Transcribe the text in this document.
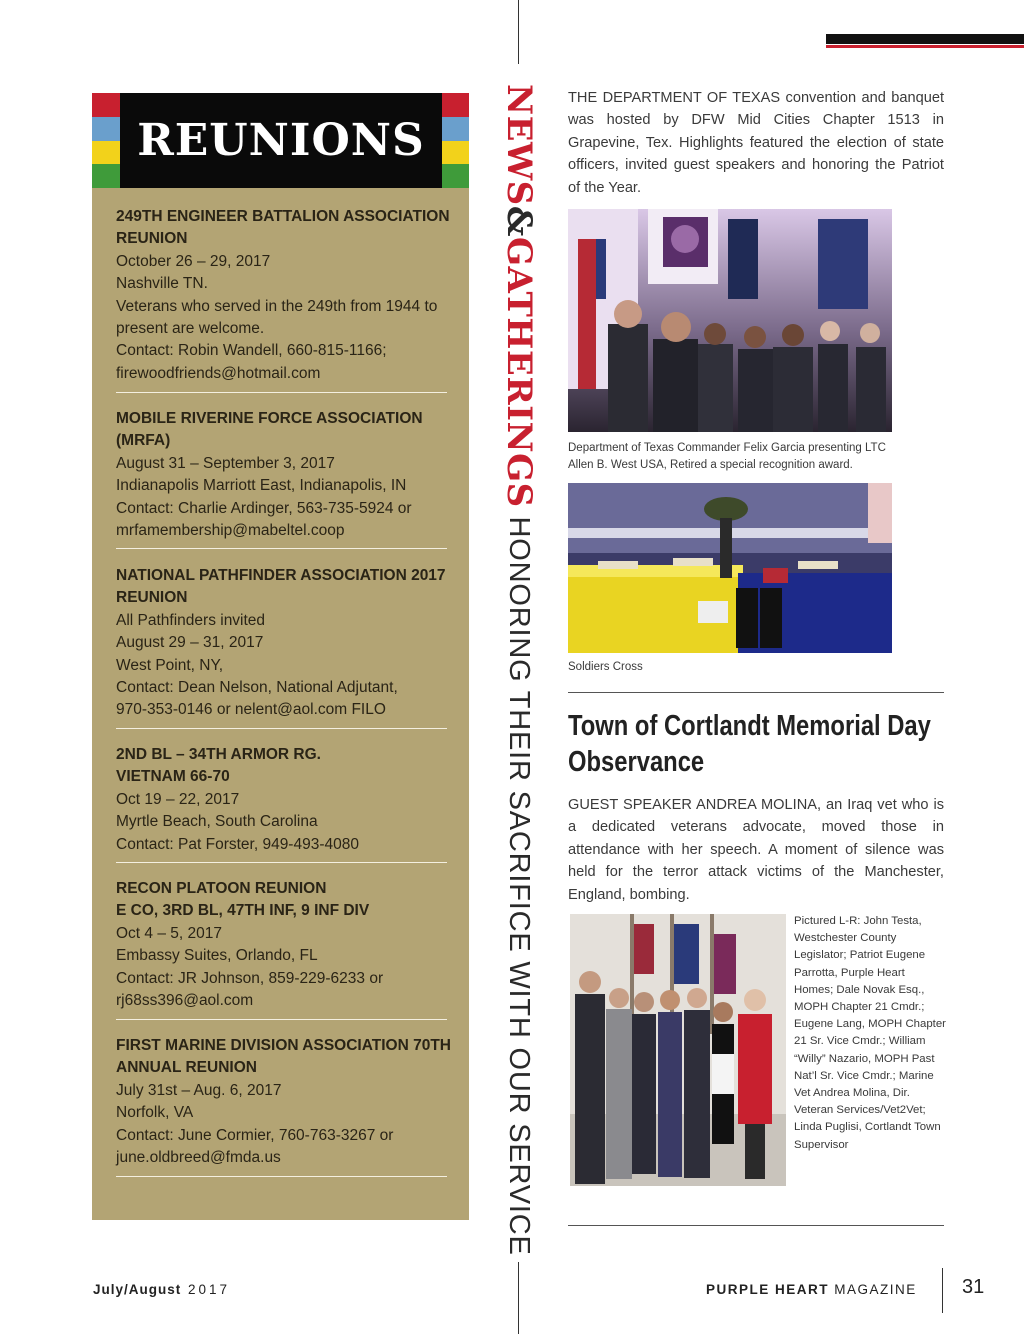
REUNIONS
249TH ENGINEER BATTALION ASSOCIATION
REUNION
October 26 – 29, 2017
Nashville TN.
Veterans who served in the 249th from 1944 to
present are welcome.
Contact: Robin Wandell, 660-815-1166;
firewoodfriends@hotmail.com
MOBILE RIVERINE FORCE ASSOCIATION
(MRFA)
August 31 – September 3, 2017
Indianapolis Marriott East, Indianapolis, IN
Contact: Charlie Ardinger, 563-735-5924 or
mrfamembership@mabeltel.coop
NATIONAL PATHFINDER ASSOCIATION 2017
REUNION
All Pathfinders invited
August 29 – 31, 2017
West Point, NY,
Contact: Dean Nelson, National Adjutant,
970-353-0146 or nelent@aol.com FILO
2ND BL – 34TH ARMOR RG.
VIETNAM 66-70
Oct 19 – 22, 2017
Myrtle Beach, South Carolina
Contact: Pat Forster, 949-493-4080
RECON PLATOON REUNION
E CO, 3RD BL, 47TH INF, 9 INF DIV
Oct 4 – 5, 2017
Embassy Suites, Orlando, FL
Contact: JR Johnson, 859-229-6233 or
rj68ss396@aol.com
FIRST MARINE DIVISION ASSOCIATION 70TH
ANNUAL REUNION
July 31st – Aug. 6, 2017
Norfolk, VA
Contact: June Cormier, 760-763-3267 or
june.oldbreed@fmda.us
NEWS&GATHERINGS HONORING THEIR SACRIFICE WITH OUR SERVICE
THE DEPARTMENT OF TEXAS convention and banquet was hosted by DFW Mid Cities Chapter 1513 in Grapevine, Tex. Highlights featured the election of state officers, invited guest speakers and honoring the Patriot of the Year.
Department of Texas Commander Felix Garcia presenting LTC Allen B. West USA, Retired a special recognition award.
Soldiers Cross
Town of Cortlandt Memorial Day
Observance
GUEST SPEAKER ANDREA MOLINA, an Iraq vet who is a dedicated veterans advocate, moved those in attendance with her speech. A moment of silence was held for the terror attack victims of the Manchester, England, bombing.
Pictured L-R: John Testa, Westchester County Legislator; Patriot Eugene Parrotta, Purple Heart Homes; Dale Novak Esq., MOPH Chapter 21 Cmdr.; Eugene Lang, MOPH Chapter 21 Sr. Vice Cmdr.; William “Willy” Nazario, MOPH Past Nat’l Sr. Vice Cmdr.; Marine Vet Andrea Molina, Dir. Veteran Services/Vet2Vet; Linda Puglisi, Cortlandt Town Supervisor
July/August 2017	PURPLE HEART MAGAZINE 31
